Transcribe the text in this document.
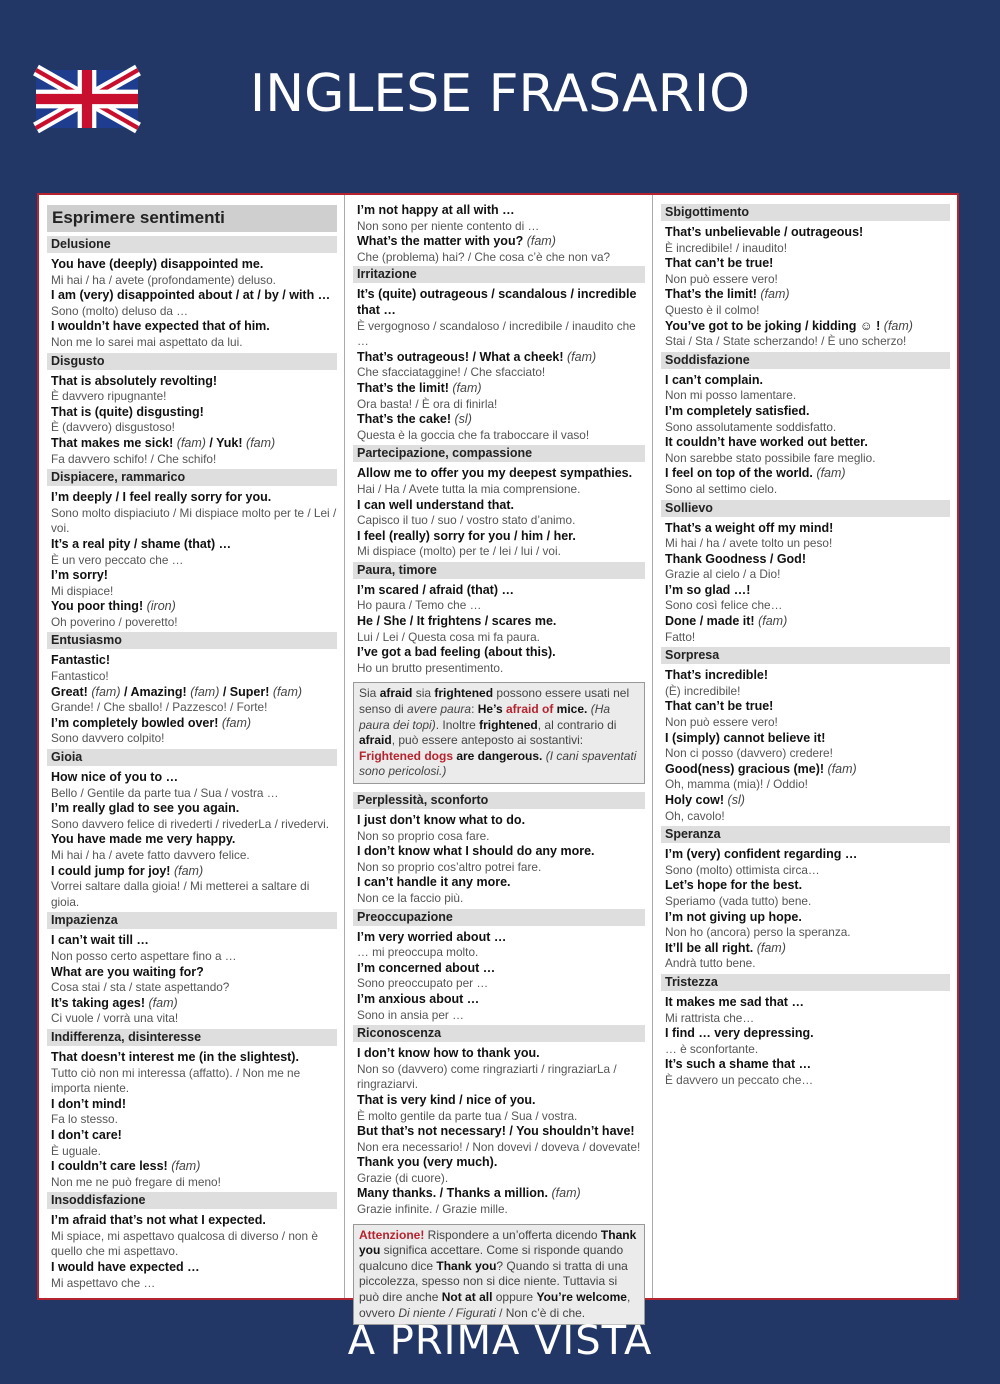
INGLESE FRASARIO
Esprimere sentimenti
Delusione
You have (deeply) disappointed me.
Mi hai / ha / avete (profondamente) deluso.
I am (very) disappointed about / at / by / with …
Sono (molto) deluso da …
I wouldn’t have expected that of him.
Non me lo sarei mai aspettato da lui.
Disgusto
That is absolutely revolting!
È davvero ripugnante!
That is (quite) disgusting!
È (davvero) disgustoso!
That makes me sick! (fam) / Yuk! (fam)
Fa davvero schifo! / Che schifo!
Dispiacere, rammarico
I’m deeply / I feel really sorry for you.
Sono molto dispiaciuto / Mi dispiace molto per te / Lei / voi.
It’s a real pity / shame (that) …
È un vero peccato che …
I’m sorry!
Mi dispiace!
You poor thing! (iron)
Oh poverino / poveretto!
Entusiasmo
Fantastic!
Fantastico!
Great! (fam) / Amazing! (fam) / Super! (fam)
Grande! / Che sballo! / Pazzesco! / Forte!
I’m completely bowled over! (fam)
Sono davvero colpito!
Gioia
How nice of you to …
Bello / Gentile da parte tua / Sua / vostra …
I’m really glad to see you again.
Sono davvero felice di rivederti / rivederLa / rivedervi.
You have made me very happy.
Mi hai / ha / avete fatto davvero felice.
I could jump for joy! (fam)
Vorrei saltare dalla gioia! / Mi metterei a saltare di gioia.
Impazienza
I can’t wait till …
Non posso certo aspettare fino a …
What are you waiting for?
Cosa stai / sta / state aspettando?
It’s taking ages! (fam)
Ci vuole / vorrà una vita!
Indifferenza, disinteresse
That doesn’t interest me (in the slightest).
Tutto ciò non mi interessa (affatto). / Non me ne importa niente.
I don’t mind!
Fa lo stesso.
I don’t care!
È uguale.
I couldn’t care less! (fam)
Non me ne può fregare di meno!
Insoddisfazione
I’m afraid that’s not what I expected.
Mi spiace, mi aspettavo qualcosa di diverso / non è quello che mi aspettavo.
I would have expected …
Mi aspettavo che …
I’m not happy at all with …
Non sono per niente contento di …
What’s the matter with you? (fam)
Che (problema) hai? / Che cosa c’è che non va?
Irritazione
It’s (quite) outrageous / scandalous / incredible that …
È vergognoso / scandaloso / incredibile / inaudito che …
That’s outrageous! / What a cheek! (fam)
Che sfacciataggine! / Che sfacciato!
That’s the limit! (fam)
Ora basta! / È ora di finirla!
That’s the cake! (sl)
Questa è la goccia che fa traboccare il vaso!
Partecipazione, compassione
Allow me to offer you my deepest sympathies.
Hai / Ha / Avete tutta la mia comprensione.
I can well understand that.
Capisco il tuo / suo / vostro stato d’animo.
I feel (really) sorry for you / him / her.
Mi dispiace (molto) per te / lei / lui / voi.
Paura, timore
I’m scared / afraid (that) …
Ho paura / Temo che …
He / She / It frightens / scares me.
Lui / Lei / Questa cosa mi fa paura.
I’ve got a bad feeling (about this).
Ho un brutto presentimento.
Sia afraid sia frightened possono essere usati nel senso di avere paura: He’s afraid of mice. (Ha paura dei topi). Inoltre frightened, al contrario di afraid, può essere anteposto ai sostantivi: Frightened dogs are dangerous. (I cani spaventati sono pericolosi.)
Perplessità, sconforto
I just don’t know what to do.
Non so proprio cosa fare.
I don’t know what I should do any more.
Non so proprio cos’altro potrei fare.
I can’t handle it any more.
Non ce la faccio più.
Preoccupazione
I’m very worried about …
… mi preoccupa molto.
I’m concerned about …
Sono preoccupato per …
I’m anxious about …
Sono in ansia per …
Riconoscenza
I don’t know how to thank you.
Non so (davvero) come ringraziarti / ringraziarLa / ringraziarvi.
That is very kind / nice of you.
È molto gentile da parte tua / Sua / vostra.
But that’s not necessary! / You shouldn’t have!
Non era necessario! / Non dovevi / doveva / dovevate!
Thank you (very much).
Grazie (di cuore).
Many thanks. / Thanks a million. (fam)
Grazie infinite. / Grazie mille.
Attenzione! Rispondere a un’offerta dicendo Thank you significa accettare. Come si risponde quando qualcuno dice Thank you? Quando si tratta di una piccolezza, spesso non si dice niente. Tuttavia si può dire anche Not at all oppure You’re welcome, ovvero Di niente / Figurati / Non c’è di che.
Sbigottimento
That’s unbelievable / outrageous!
È incredibile! / inaudito!
That can’t be true!
Non può essere vero!
That’s the limit! (fam)
Questo è il colmo!
You’ve got to be joking / kidding ☺ ! (fam)
Stai / Sta / State scherzando! / È uno scherzo!
Soddisfazione
I can’t complain.
Non mi posso lamentare.
I’m completely satisfied.
Sono assolutamente soddisfatto.
It couldn’t have worked out better.
Non sarebbe stato possibile fare meglio.
I feel on top of the world. (fam)
Sono al settimo cielo.
Sollievo
That’s a weight off my mind!
Mi hai / ha / avete tolto un peso!
Thank Goodness / God!
Grazie al cielo / a Dio!
I’m so glad …!
Sono così felice che…
Done / made it! (fam)
Fatto!
Sorpresa
That’s incredible!
(È) incredibile!
That can’t be true!
Non può essere vero!
I (simply) cannot believe it!
Non ci posso (davvero) credere!
Good(ness) gracious (me)! (fam)
Oh, mamma (mia)! / Oddio!
Holy cow! (sl)
Oh, cavolo!
Speranza
I’m (very) confident regarding …
Sono (molto) ottimista circa…
Let’s hope for the best.
Speriamo (vada tutto) bene.
I’m not giving up hope.
Non ho (ancora) perso la speranza.
It’ll be all right. (fam)
Andrà tutto bene.
Tristezza
It makes me sad that …
Mi rattrista che…
I find … very depressing.
… è sconfortante.
It’s such a shame that …
È davvero un peccato che…
A PRIMA VISTA
